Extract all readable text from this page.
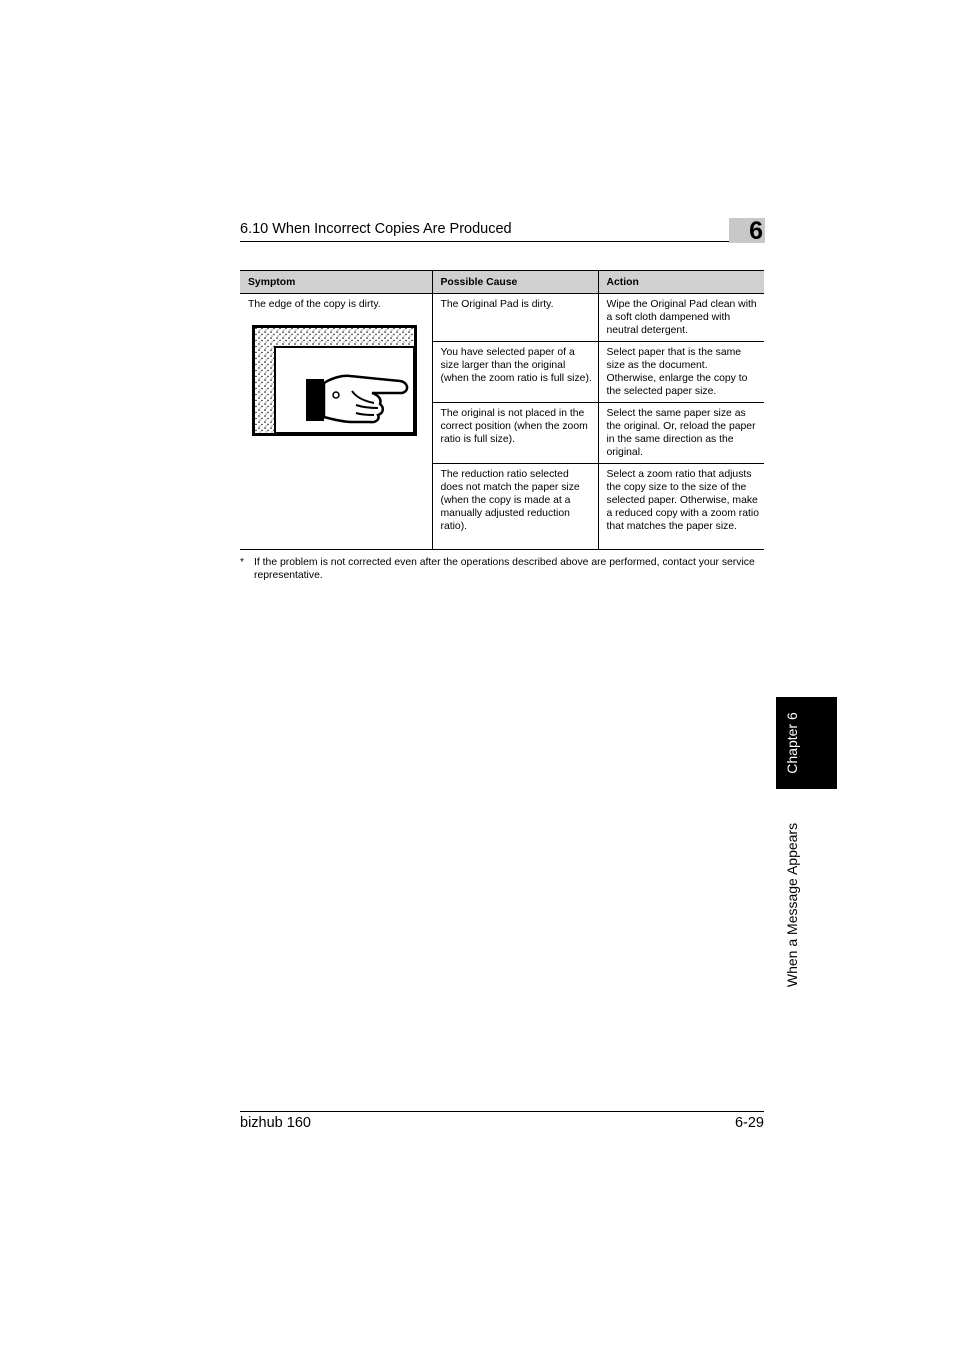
6.10 When Incorrect Copies Are Produced	6
Symptom	Possible Cause	Action

The edge of the copy is dirty.	The Original Pad is dirty.	Wipe the Original Pad clean with a soft cloth dampened with neutral detergent.
	You have selected paper of a size larger than the original (when the zoom ratio is full size).	Select paper that is the same size as the document. Otherwise, enlarge the copy to the selected paper size.
	The original is not placed in the correct position (when the zoom ratio is full size).	Select the same paper size as the original. Or, reload the paper in the same direction as the original.
	The reduction ratio selected does not match the paper size (when the copy is made at a manually adjusted reduction ratio).	Select a zoom ratio that adjusts the copy size to the size of the selected paper. Otherwise, make a reduced copy with a zoom ratio that matches the paper size.
* If the problem is not corrected even after the operations described above are performed, contact your service representative.
Chapter 6
When a Message Appears
bizhub 160	6-29
